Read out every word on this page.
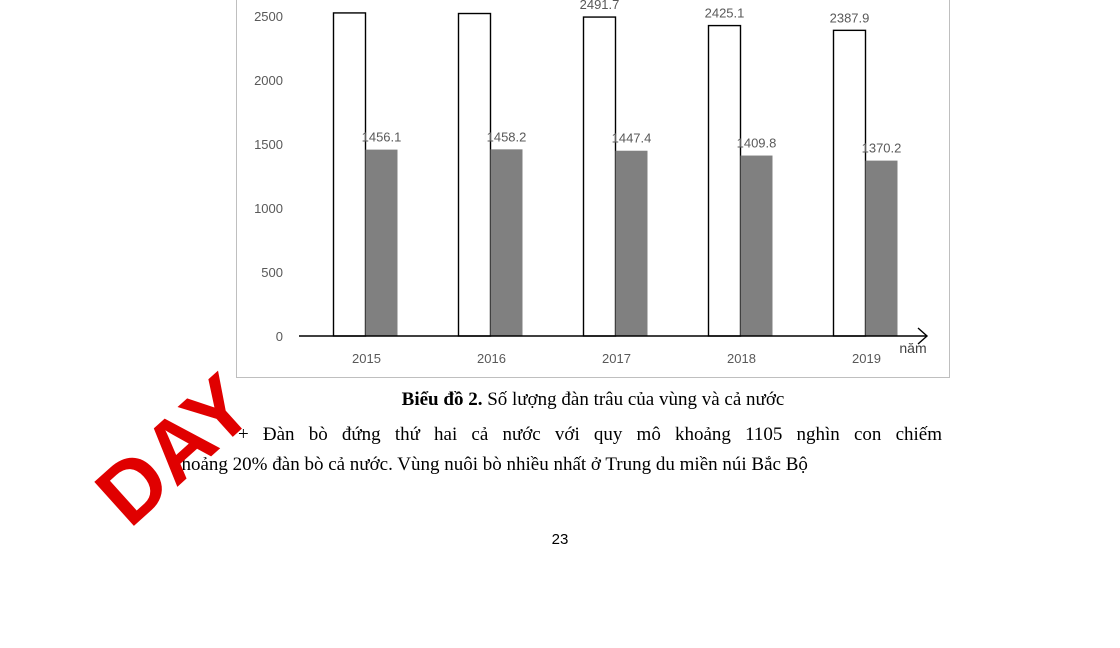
0
500
1000
1500
2000
2500
1456.1
2015
1458.2
2016
2491.7
1447.4
2017
2425.1
1409.8
2018
2387.9
1370.2
2019
năm
Biểu đồ 2. Số lượng đàn trâu của vùng và cả nước
+ Đàn bò đứng thứ hai cả nước với quy mô khoảng 1105 nghìn con chiếm
khoảng 20% đàn bò cả nước. Vùng nuôi bò nhiều nhất ở Trung du miền núi Bắc Bộ
23
DAY
